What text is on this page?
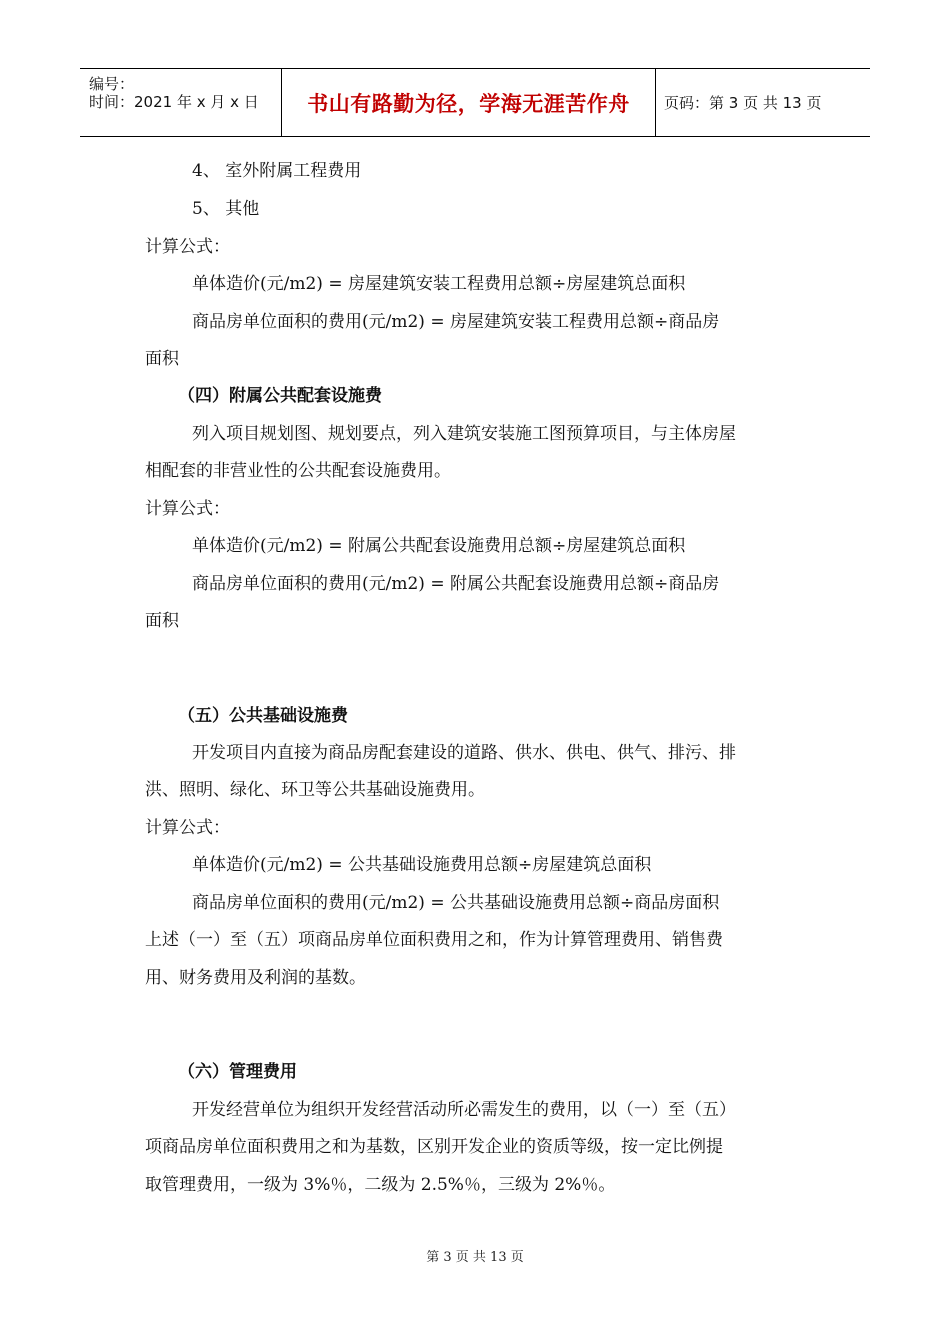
编号：
时间：2021 年 x 月 x 日 书山有路勤为径，学海无涯苦作舟	页码：第 3 页 共 13 页
4、 室外附属工程费用
5、 其他
计算公式：
单体造价(元/m2) = 房屋建筑安装工程费用总额÷房屋建筑总面积
商品房单位面积的费用(元/m2) = 房屋建筑安装工程费用总额÷商品房
面积
（四）附属公共配套设施费
列入项目规划图、规划要点，列入建筑安装施工图预算项目，与主体房屋
相配套的非营业性的公共配套设施费用。
计算公式：
单体造价(元/m2) = 附属公共配套设施费用总额÷房屋建筑总面积
商品房单位面积的费用(元/m2) = 附属公共配套设施费用总额÷商品房
面积
（五）公共基础设施费
开发项目内直接为商品房配套建设的道路、供水、供电、供气、排污、排
洪、照明、绿化、环卫等公共基础设施费用。
计算公式：
单体造价(元/m2) = 公共基础设施费用总额÷房屋建筑总面积
商品房单位面积的费用(元/m2) = 公共基础设施费用总额÷商品房面积
上述（一）至（五）项商品房单位面积费用之和，作为计算管理费用、销售费
用、财务费用及利润的基数。
（六）管理费用
开发经营单位为组织开发经营活动所必需发生的费用，以（一）至（五）
项商品房单位面积费用之和为基数，区别开发企业的资质等级，按一定比例提
取管理费用，一级为 3%％，二级为 2.5%％，三级为 2%％。
第 3 页 共 13 页
